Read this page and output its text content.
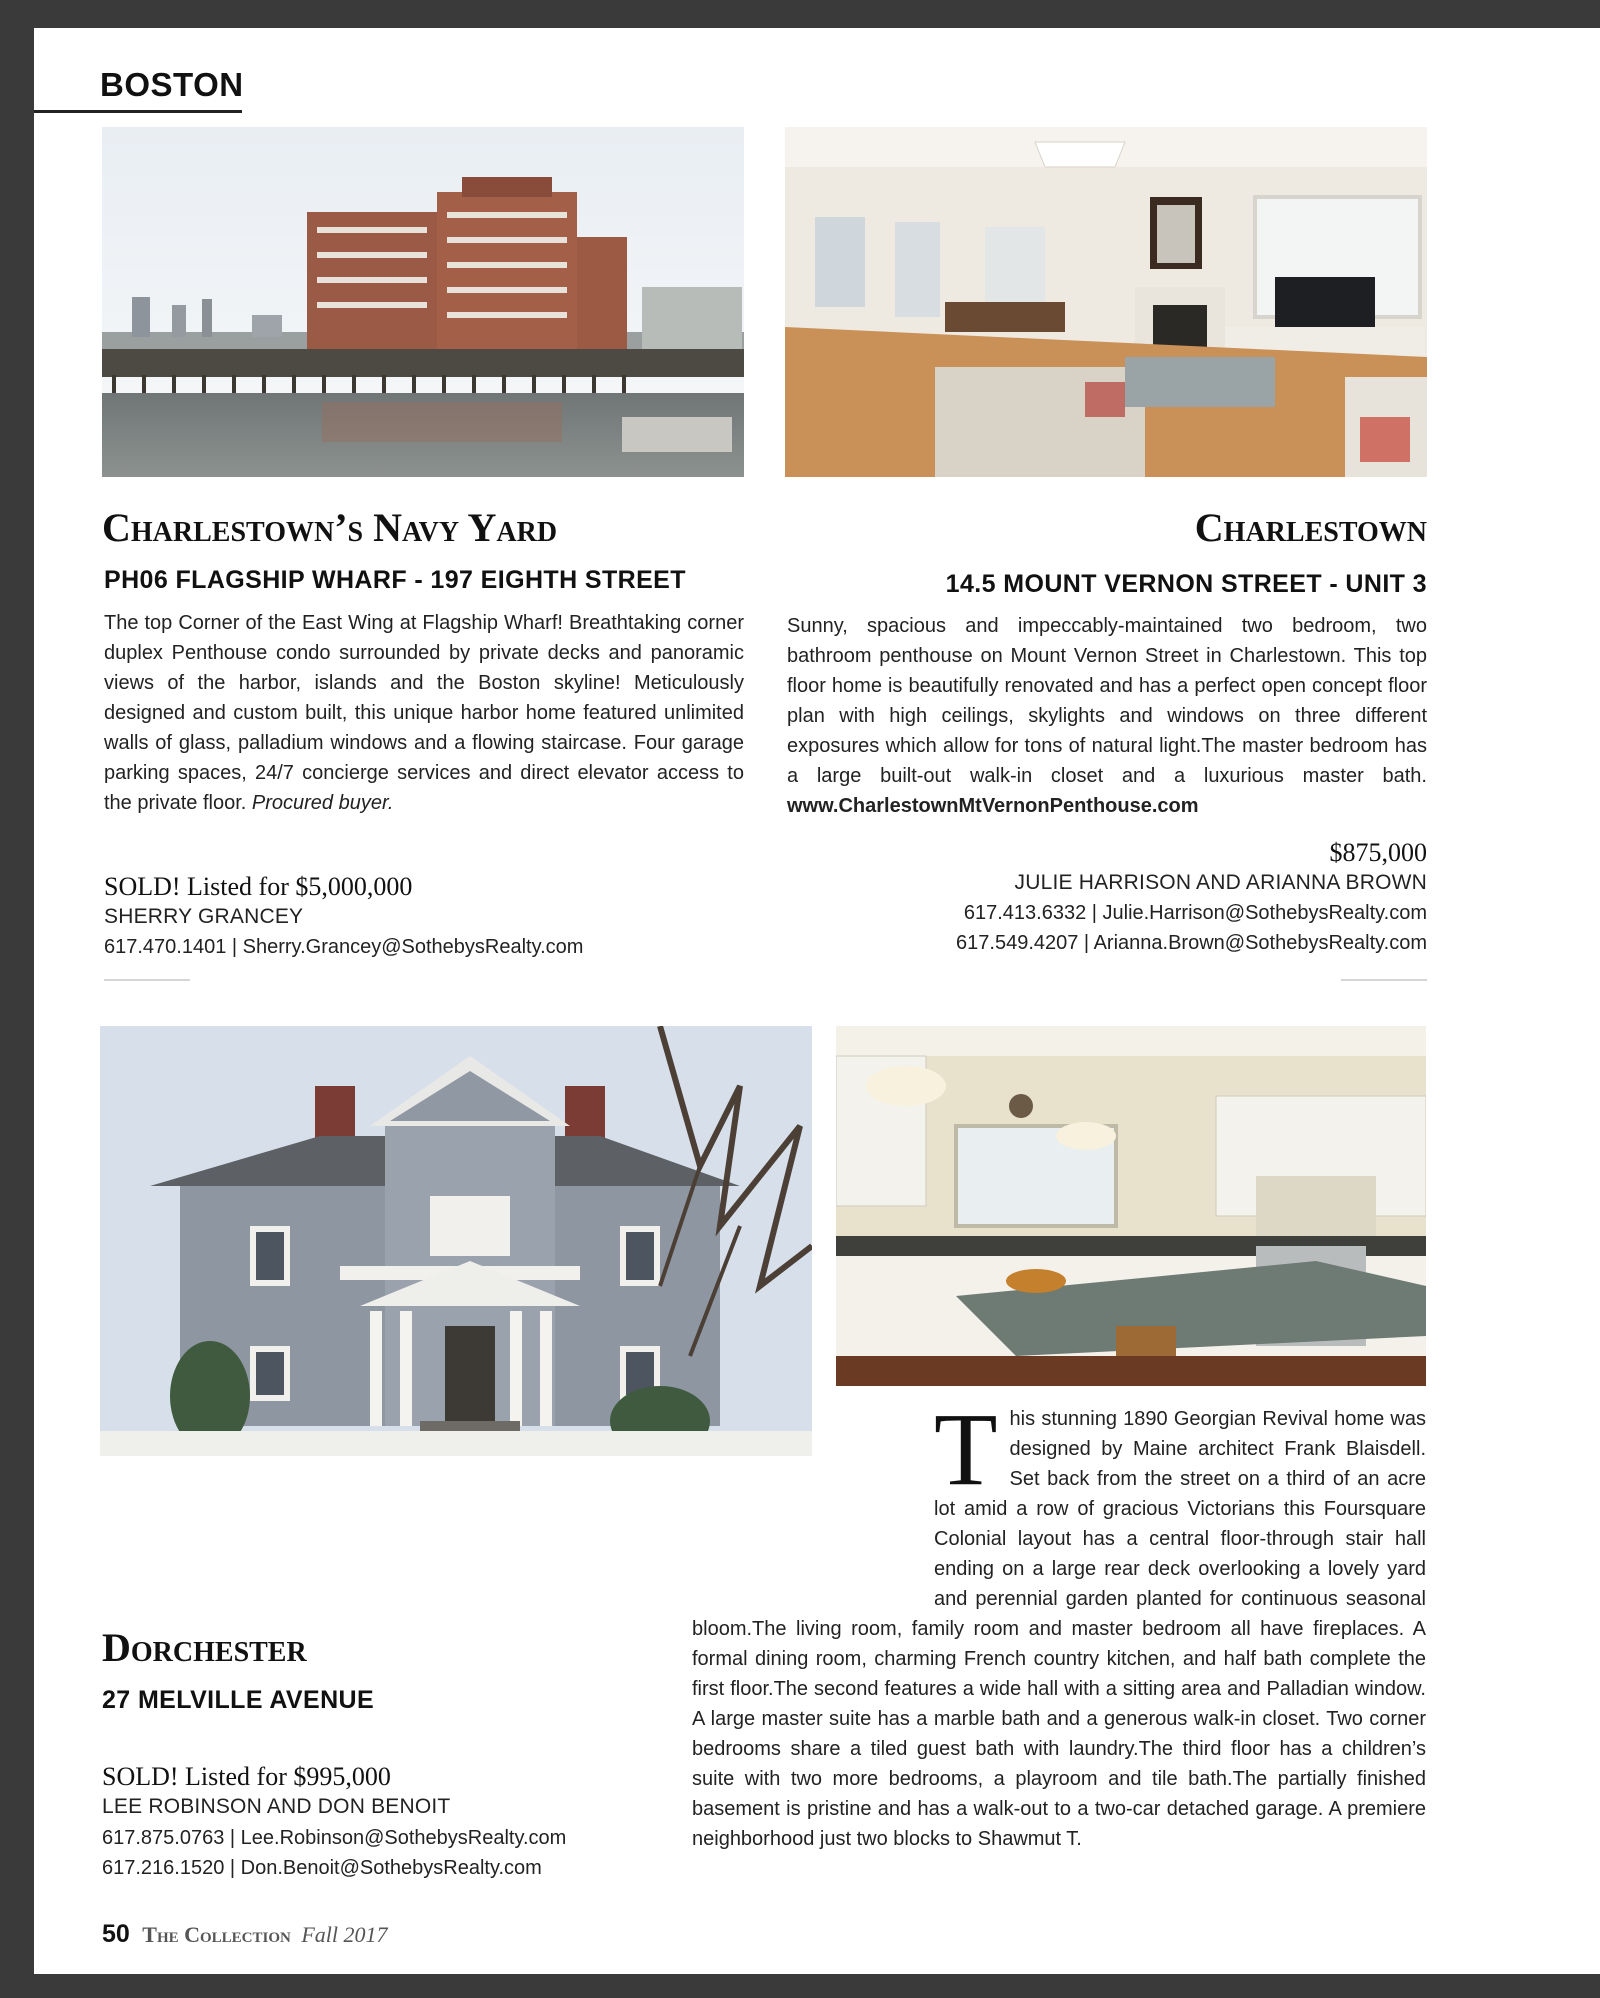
BOSTON
Charlestown’s Navy Yard
PH06 FLAGSHIP WHARF - 197 EIGHTH STREET
The top Corner of the East Wing at Flagship Wharf! Breathtaking corner duplex Penthouse condo surrounded by private decks and panoramic views of the harbor, islands and the Boston skyline! Meticulously designed and custom built, this unique harbor home featured unlimited walls of glass, palladium windows and a flowing staircase. Four garage parking spaces, 24/7 concierge services and direct elevator access to the private floor. Procured buyer.
SOLD! Listed for $5,000,000
SHERRY GRANCEY
617.470.1401 | Sherry.Grancey@SothebysRealty.com
Charlestown
14.5 MOUNT VERNON STREET - UNIT 3
Sunny, spacious and impeccably-maintained two bedroom, two bathroom penthouse on Mount Vernon Street in Charlestown. This top floor home is beautifully renovated and has a perfect open concept floor plan with high ceilings, skylights and windows on three different exposures which allow for tons of natural light.The master bedroom has a large built-out walk-in closet and a luxurious master bath. www.CharlestownMtVernonPenthouse.com
$875,000
JULIE HARRISON AND ARIANNA BROWN
617.413.6332 | Julie.Harrison@SothebysRealty.com
617.549.4207 | Arianna.Brown@SothebysRealty.com
Dorchester
27 MELVILLE AVENUE
SOLD! Listed for $995,000
LEE ROBINSON AND DON BENOIT
617.875.0763 | Lee.Robinson@SothebysRealty.com
617.216.1520 | Don.Benoit@SothebysRealty.com
T his stunning 1890 Georgian Revival home was designed by Maine architect Frank Blaisdell. Set back from the street on a third of an acre lot amid a row of gracious Victorians this Foursquare Colonial layout has a central floor-through stair hall ending on a large rear deck overlooking a lovely yard and perennial garden planted for continuous seasonal bloom.The living room, family room and master bedroom all have fireplaces. A formal dining room, charming French country kitchen, and half bath complete the first floor.The second features a wide hall with a sitting area and Palladian window. A large master suite has a marble bath and a generous walk-in closet. Two corner bedrooms share a tiled guest bath with laundry.The third floor has a children’s suite with two more bedrooms, a playroom and tile bath.The partially finished basement is pristine and has a walk-out to a two-car detached garage. A premiere neighborhood just two blocks to Shawmut T.
50 The Collection Fall 2017
